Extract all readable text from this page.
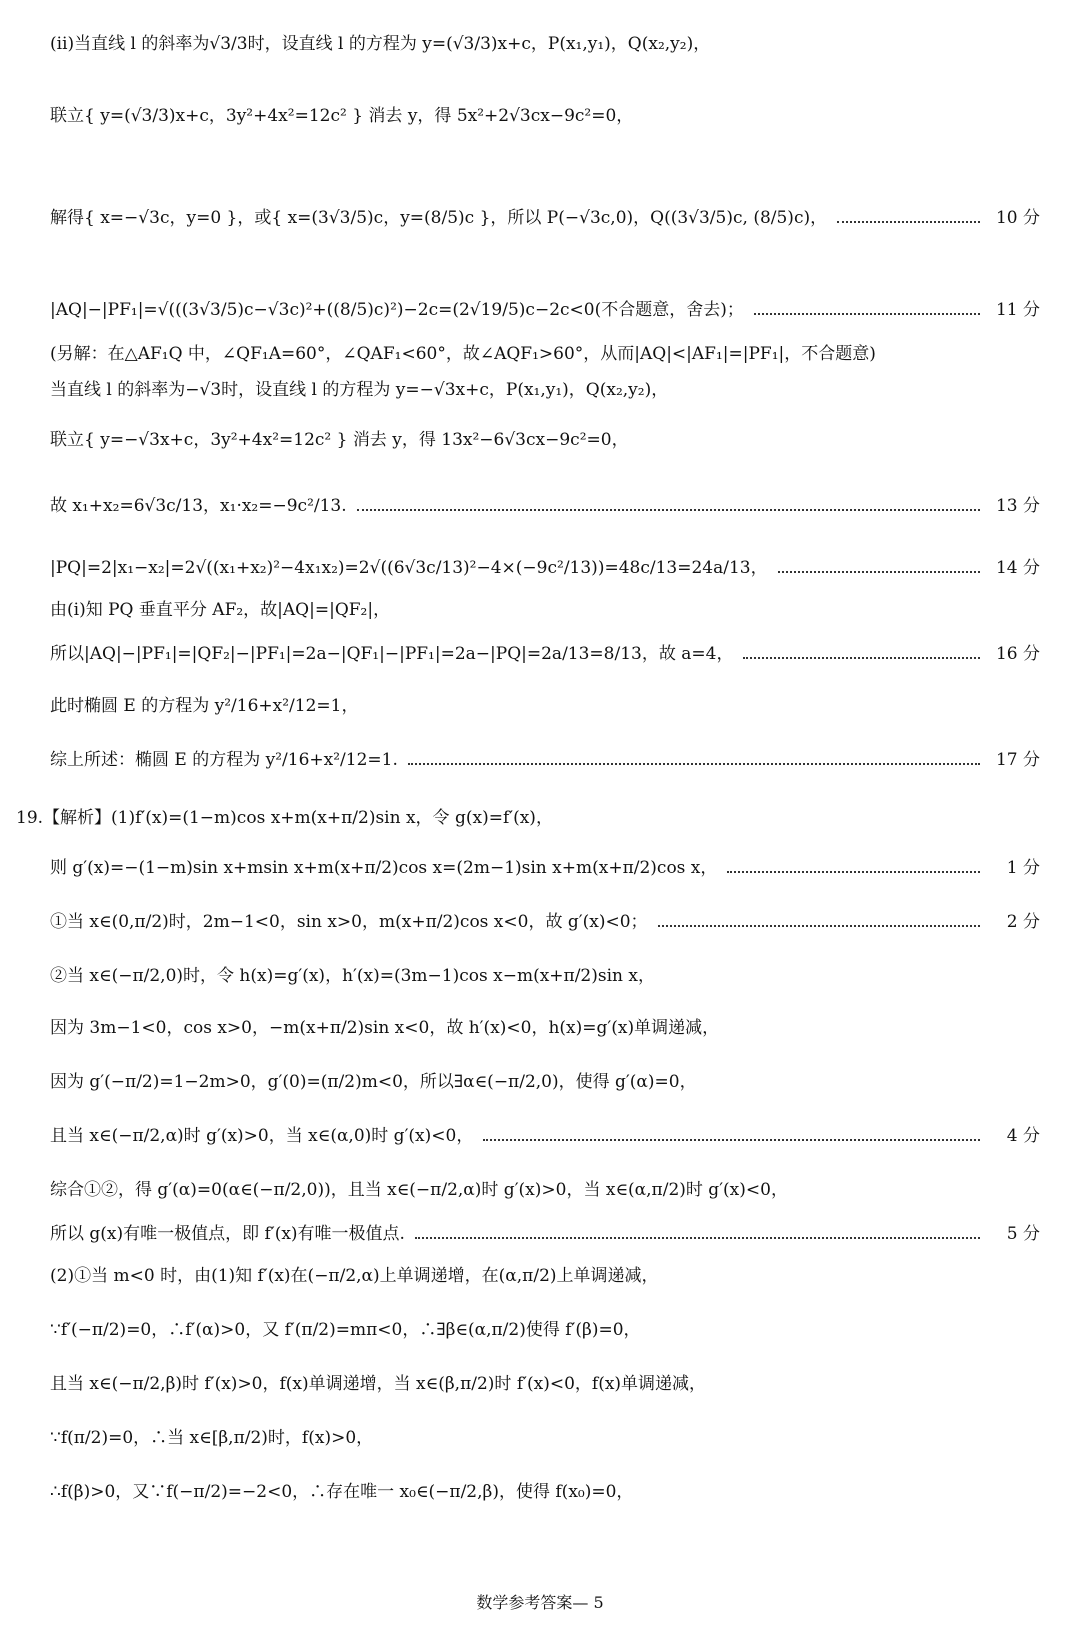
(ⅱ)当直线 l 的斜率为√3/3时，设直线 l 的方程为 y=(√3/3)x+c，P(x₁,y₁)，Q(x₂,y₂)，
联立{ y=(√3/3)x+c，3y²+4x²=12c² } 消去 y，得 5x²+2√3cx−9c²=0，
解得{ x=−√3c，y=0 }，或{ x=(3√3/5)c，y=(8/5)c }，所以 P(−√3c,0)，Q((3√3/5)c, (8/5)c)，	10 分
|AQ|−|PF₁|=√(((3√3/5)c−√3c)²+((8/5)c)²)−2c=(2√19/5)c−2c<0(不合题意，舍去)；	11 分
(另解：在△AF₁Q 中，∠QF₁A=60°，∠QAF₁<60°，故∠AQF₁>60°，从而|AQ|<|AF₁|=|PF₁|，不合题意)
当直线 l 的斜率为−√3时，设直线 l 的方程为 y=−√3x+c，P(x₁,y₁)，Q(x₂,y₂)，
联立{ y=−√3x+c，3y²+4x²=12c² } 消去 y，得 13x²−6√3cx−9c²=0，
故 x₁+x₂=6√3c/13，x₁·x₂=−9c²/13.	13 分
|PQ|=2|x₁−x₂|=2√((x₁+x₂)²−4x₁x₂)=2√((6√3c/13)²−4×(−9c²/13))=48c/13=24a/13，	14 分
由(ⅰ)知 PQ 垂直平分 AF₂，故|AQ|=|QF₂|，
所以|AQ|−|PF₁|=|QF₂|−|PF₁|=2a−|QF₁|−|PF₁|=2a−|PQ|=2a/13=8/13，故 a=4，	16 分
此时椭圆 E 的方程为 y²/16+x²/12=1，
综上所述：椭圆 E 的方程为 y²/16+x²/12=1.	17 分
19.【解析】(1)f′(x)=(1−m)cos x+m(x+π/2)sin x，令 g(x)=f′(x)，
则 g′(x)=−(1−m)sin x+msin x+m(x+π/2)cos x=(2m−1)sin x+m(x+π/2)cos x，	1 分
①当 x∈(0,π/2)时，2m−1<0，sin x>0，m(x+π/2)cos x<0，故 g′(x)<0；	2 分
②当 x∈(−π/2,0)时，令 h(x)=g′(x)，h′(x)=(3m−1)cos x−m(x+π/2)sin x，
因为 3m−1<0，cos x>0，−m(x+π/2)sin x<0，故 h′(x)<0，h(x)=g′(x)单调递减，
因为 g′(−π/2)=1−2m>0，g′(0)=(π/2)m<0，所以∃α∈(−π/2,0)，使得 g′(α)=0，
且当 x∈(−π/2,α)时 g′(x)>0，当 x∈(α,0)时 g′(x)<0，	4 分
综合①②，得 g′(α)=0(α∈(−π/2,0))，且当 x∈(−π/2,α)时 g′(x)>0，当 x∈(α,π/2)时 g′(x)<0，
所以 g(x)有唯一极值点，即 f′(x)有唯一极值点.	5 分
(2)①当 m<0 时，由(1)知 f′(x)在(−π/2,α)上单调递增，在(α,π/2)上单调递减，
∵f′(−π/2)=0，∴f′(α)>0，又 f′(π/2)=mπ<0，∴∃β∈(α,π/2)使得 f′(β)=0，
且当 x∈(−π/2,β)时 f′(x)>0，f(x)单调递增，当 x∈(β,π/2)时 f′(x)<0，f(x)单调递减，
∵f(π/2)=0，∴当 x∈[β,π/2)时，f(x)>0，
∴f(β)>0，又∵f(−π/2)=−2<0，∴存在唯一 x₀∈(−π/2,β)，使得 f(x₀)=0，
数学参考答案— 5
